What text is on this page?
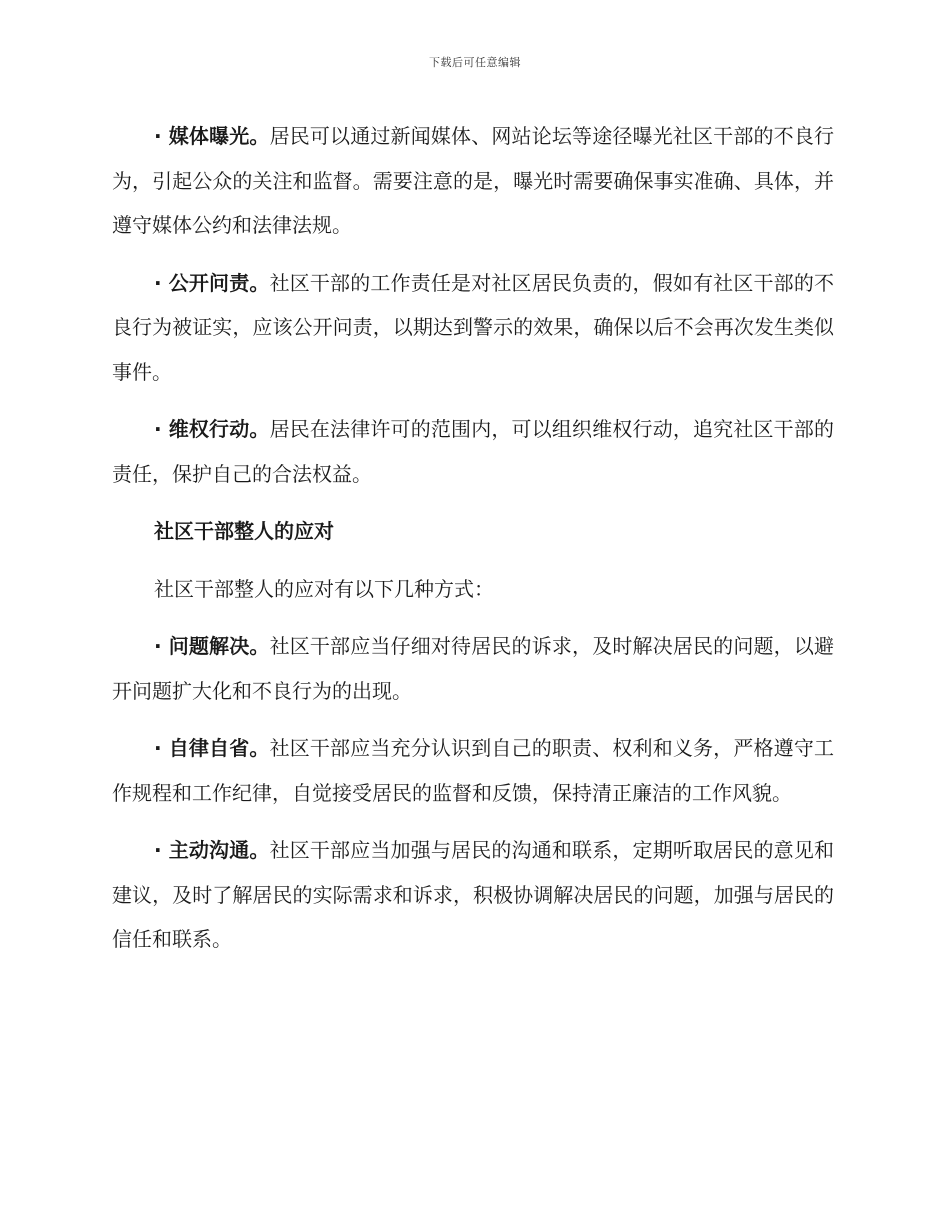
下载后可任意编辑

· 媒体曝光。居民可以通过新闻媒体、网站论坛等途径曝光社区干部的不良行为，引起公众的关注和监督。需要注意的是，曝光时需要确保事实准确、具体，并遵守媒体公约和法律法规。

· 公开问责。社区干部的工作责任是对社区居民负责的，假如有社区干部的不良行为被证实，应该公开问责，以期达到警示的效果，确保以后不会再次发生类似事件。

· 维权行动。居民在法律许可的范围内，可以组织维权行动，追究社区干部的责任，保护自己的合法权益。

社区干部整人的应对

社区干部整人的应对有以下几种方式：

· 问题解决。社区干部应当仔细对待居民的诉求，及时解决居民的问题，以避开问题扩大化和不良行为的出现。

· 自律自省。社区干部应当充分认识到自己的职责、权利和义务，严格遵守工作规程和工作纪律，自觉接受居民的监督和反馈，保持清正廉洁的工作风貌。

· 主动沟通。社区干部应当加强与居民的沟通和联系，定期听取居民的意见和建议，及时了解居民的实际需求和诉求，积极协调解决居民的问题，加强与居民的信任和联系。
